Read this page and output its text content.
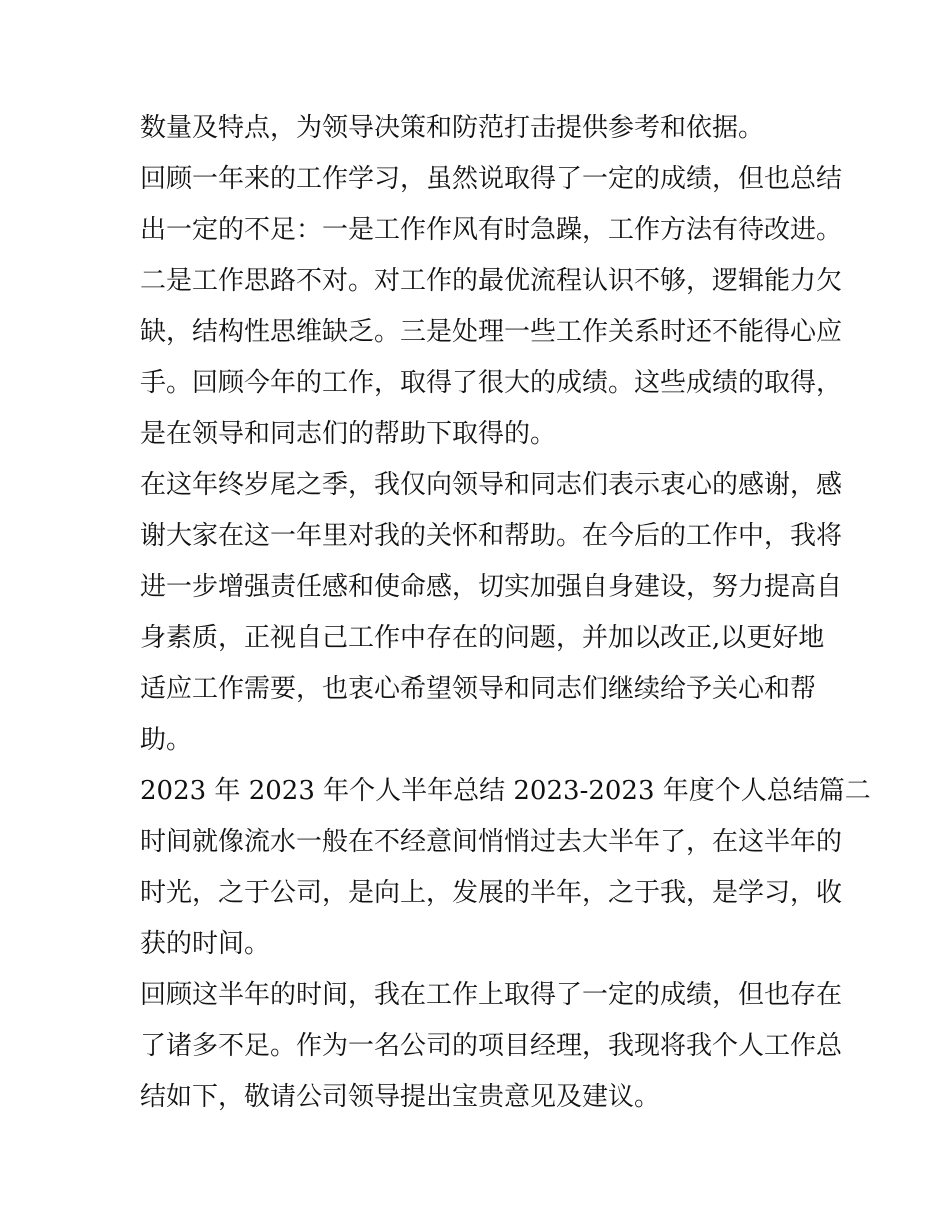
数量及特点，为领导决策和防范打击提供参考和依据。
回顾一年来的工作学习，虽然说取得了一定的成绩，但也总结
出一定的不足：一是工作作风有时急躁，工作方法有待改进。
二是工作思路不对。对工作的最优流程认识不够，逻辑能力欠
缺，结构性思维缺乏。三是处理一些工作关系时还不能得心应
手。回顾今年的工作，取得了很大的成绩。这些成绩的取得，
是在领导和同志们的帮助下取得的。
在这年终岁尾之季，我仅向领导和同志们表示衷心的感谢，感
谢大家在这一年里对我的关怀和帮助。在今后的工作中，我将
进一步增强责任感和使命感，切实加强自身建设，努力提高自
身素质，正视自己工作中存在的问题，并加以改正,以更好地
适应工作需要，也衷心希望领导和同志们继续给予关心和帮
助。
2023 年 2023 年个人半年总结 2023-2023 年度个人总结篇二
时间就像流水一般在不经意间悄悄过去大半年了，在这半年的
时光，之于公司，是向上，发展的半年，之于我，是学习，收
获的时间。
回顾这半年的时间，我在工作上取得了一定的成绩，但也存在
了诸多不足。作为一名公司的项目经理，我现将我个人工作总
结如下，敬请公司领导提出宝贵意见及建议。
